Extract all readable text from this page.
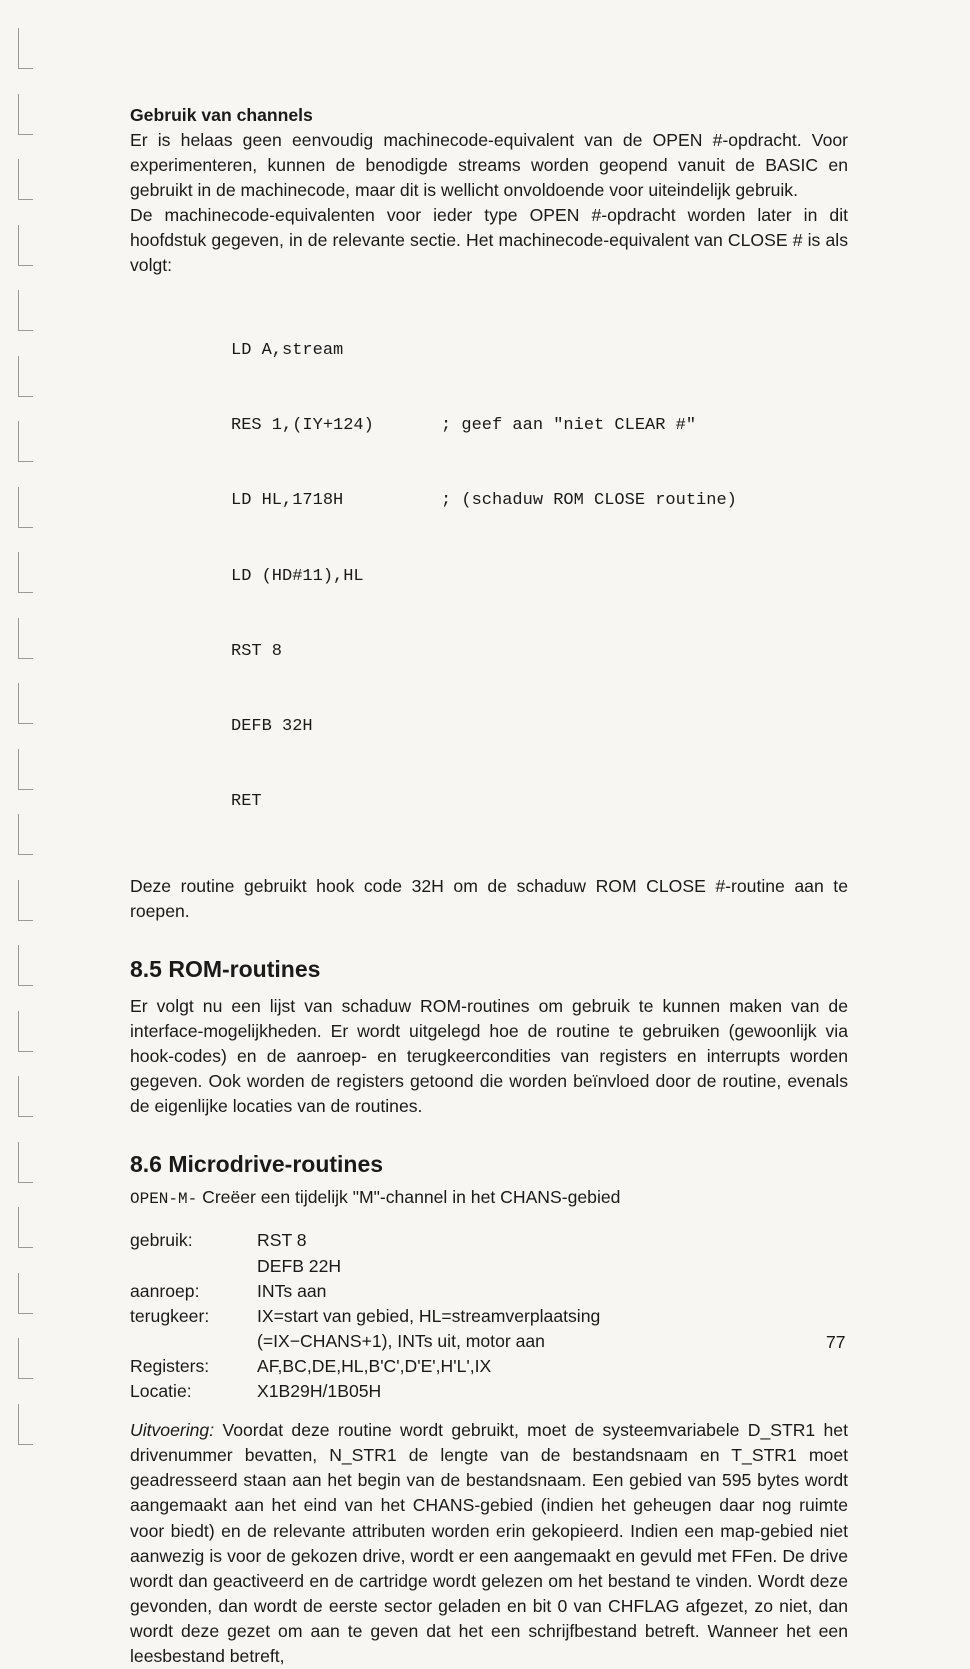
Gebruik van channels

Er is helaas geen eenvoudig machinecode-equivalent van de OPEN #-opdracht. Voor experimenteren, kunnen de benodigde streams worden geopend vanuit de BASIC en gebruikt in de machinecode, maar dit is wellicht onvoldoende voor uiteindelijk gebruik.

De machinecode-equivalenten voor ieder type OPEN #-opdracht worden later in dit hoofdstuk gegeven, in de relevante sectie. Het machinecode-equivalent van CLOSE # is als volgt:

LD A,stream

RES 1,(IY+124)	; geef aan "niet CLEAR #"

LD HL,1718H	; (schaduw ROM CLOSE routine)

LD (HD#11),HL

RST 8

DEFB 32H

RET

Deze routine gebruikt hook code 32H om de schaduw ROM CLOSE #-routine aan te roepen.

8.5 ROM-routines

Er volgt nu een lijst van schaduw ROM-routines om gebruik te kunnen maken van de interface-mogelijkheden. Er wordt uitgelegd hoe de routine te gebruiken (gewoonlijk via hook-codes) en de aanroep- en terugkeercondities van registers en interrupts worden gegeven. Ook worden de registers getoond die worden beïnvloed door de routine, evenals de eigenlijke locaties van de routines.

8.6 Microdrive-routines

OPEN-M- Creëer een tijdelijk "M"-channel in het CHANS-gebied

gebruik:	RST 8
DEFB 22H
aanroep:	INTs aan
terugkeer:	IX=start van gebied, HL=streamverplaatsing
(=IX−CHANS+1), INTs uit, motor aan
Registers:	AF,BC,DE,HL,B'C',D'E',H'L',IX
Locatie:	X1B29H/1B05H

Uitvoering: Voordat deze routine wordt gebruikt, moet de systeemvariabele D_STR1 het drivenummer bevatten, N_STR1 de lengte van de bestandsnaam en T_STR1 moet geadresseerd staan aan het begin van de bestandsnaam. Een gebied van 595 bytes wordt aangemaakt aan het eind van het CHANS-gebied (indien het geheugen daar nog ruimte voor biedt) en de relevante attributen worden erin gekopieerd. Indien een map-gebied niet aanwezig is voor de gekozen drive, wordt er een aangemaakt en gevuld met FFen. De drive wordt dan geactiveerd en de cartridge wordt gelezen om het bestand te vinden. Wordt deze gevonden, dan wordt de eerste sector geladen en bit 0 van CHFLAG afgezet, zo niet, dan wordt deze gezet om aan te geven dat het een schrijfbestand betreft. Wanneer het een leesbestand betreft,

77
